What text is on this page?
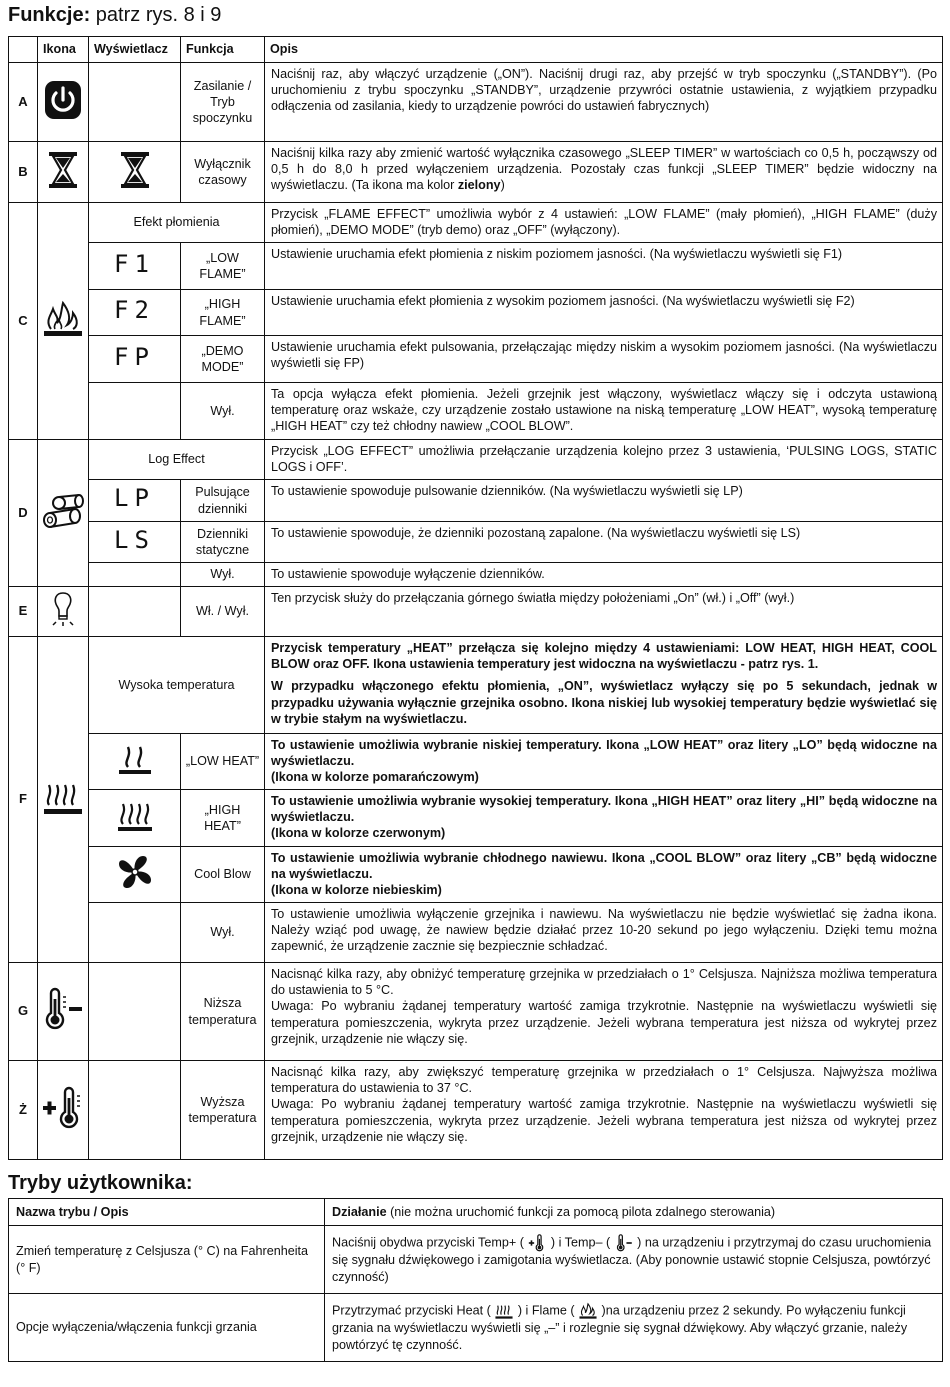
Funkcje: patrz rys. 8 i 9
	Ikona	Wyświetlacz	Funkcja	Opis
A			Zasilanie / Tryb spoczynku	Naciśnij raz, aby włączyć urządzenie („ON”). Naciśnij drugi raz, aby przejść w tryb spoczynku („STANDBY”). (Po uruchomieniu z trybu spoczynku „STANDBY”, urządzenie przywróci ostatnie ustawienia, z wyjątkiem przypadku odłączenia od zasilania, kiedy to urządzenie powróci do ustawień fabrycznych)
B			Wyłącznik czasowy	Naciśnij kilka razy aby zmienić wartość wyłącznika czasowego „SLEEP TIMER” w wartościach co 0,5 h, począwszy od 0,5 h do 8,0 h przed wyłączeniem urządzenia. Pozostały czas funkcji „SLEEP TIMER” będzie widoczny na wyświetlaczu. (Ta ikona ma kolor zielony)
C		Efekt płomienia		Przycisk „FLAME EFFECT” umożliwia wybór z 4 ustawień: „LOW FLAME” (mały płomień), „HIGH FLAME” (duży płomień), „DEMO MODE” (tryb demo) oraz „OFF” (wyłączony).
		F1	„LOW FLAME”	Ustawienie uruchamia efekt płomienia z niskim poziomem jasności. (Na wyświetlaczu wyświetli się F1)
		F2	„HIGH FLAME”	Ustawienie uruchamia efekt płomienia z wysokim poziomem jasności. (Na wyświetlaczu wyświetli się F2)
		FP	„DEMO MODE”	Ustawienie uruchamia efekt pulsowania, przełączając między niskim a wysokim poziomem jasności. (Na wyświetlaczu wyświetli się FP)
			Wył.	Ta opcja wyłącza efekt płomienia. Jeżeli grzejnik jest włączony, wyświetlacz włączy się i odczyta ustawioną temperaturę oraz wskaże, czy urządzenie zostało ustawione na niską temperaturę „LOW HEAT”, wysoką temperaturę „HIGH HEAT” czy też chłodny nawiew „COOL BLOW”.
D		Log Effect		Przycisk „LOG EFFECT” umożliwia przełączanie urządzenia kolejno przez 3 ustawienia, ‘PULSING LOGS, STATIC LOGS i OFF’.
		LP	Pulsujące dzienniki	To ustawienie spowoduje pulsowanie dzienników. (Na wyświetlaczu wyświetli się LP)
		LS	Dzienniki statyczne	To ustawienie spowoduje, że dzienniki pozostaną zapalone. (Na wyświetlaczu wyświetli się LS)
			Wył.	To ustawienie spowoduje wyłączenie dzienników.
E			Wł. / Wył.	Ten przycisk służy do przełączania górnego światła między położeniami „On” (wł.) i „Off” (wył.)
F		Wysoka temperatura		Przycisk temperatury „HEAT” przełącza się kolejno między 4 ustawieniami: LOW HEAT, HIGH HEAT, COOL BLOW oraz OFF. Ikona ustawienia temperatury jest widoczna na wyświetlaczu - patrz rys. 1.

W przypadku włączonego efektu płomienia, „ON”, wyświetlacz wyłączy się po 5 sekundach, jednak w przypadku używania wyłącznie grzejnika osobno. Ikona niskiej lub wysokiej temperatury będzie wyświetlać się w trybie stałym na wyświetlaczu.

	„LOW HEAT”	To ustawienie umożliwia wybranie niskiej temperatury. Ikona „LOW HEAT” oraz litery „LO” będą widoczne na wyświetlaczu.
(Ikona w kolorze pomarańczowym)

	„HIGH HEAT”	To ustawienie umożliwia wybranie wysokiej temperatury. Ikona „HIGH HEAT” oraz litery „HI” będą widoczne na wyświetlaczu.
(Ikona w kolorze czerwonym)

	Cool Blow	To ustawienie umożliwia wybranie chłodnego nawiewu. Ikona „COOL BLOW” oraz litery „CB” będą widoczne na wyświetlaczu.
(Ikona w kolorze niebieskim)

			Wył.	To ustawienie umożliwia wyłączenie grzejnika i nawiewu. Na wyświetlaczu nie będzie wyświetlać się żadna ikona. Należy wziąć pod uwagę, że nawiew będzie działać przez 10-20 sekund po jego wyłączeniu. Dzięki temu można zapewnić, że urządzenie zacznie się bezpiecznie schładzać.
G			Niższa temperatura	Nacisnąć kilka razy, aby obniżyć temperaturę grzejnika w przedziałach o 1° Celsjusza. Najniższa możliwa temperatura do ustawienia to 5 °C.
Uwaga: Po wybraniu żądanej temperatury wartość zamiga trzykrotnie. Następnie na wyświetlaczu wyświetli się temperatura pomieszczenia, wykryta przez urządzenie. Jeżeli wybrana temperatura jest niższa od wykrytej przez grzejnik, urządzenie nie włączy się.

Ż			Wyższa temperatura	Nacisnąć kilka razy, aby zwiększyć temperaturę grzejnika w przedziałach o 1° Celsjusza. Najwyższa możliwa temperatura do ustawienia to 37 °C.
Uwaga: Po wybraniu żądanej temperatury wartość zamiga trzykrotnie. Następnie na wyświetlaczu wyświetli się temperatura pomieszczenia, wykryta przez urządzenie. Jeżeli wybrana temperatura jest niższa od wykrytej przez grzejnik, urządzenie nie włączy się.
Tryby użytkownika:
Nazwa trybu / Opis	Działanie (nie można uruchomić funkcji za pomocą pilota zdalnego sterowania)
Zmień temperaturę z Celsjusza (° C) na Fahrenheita (° F)	Naciśnij obydwa przyciski Temp+ ( ) i Temp– ( ) na urządzeniu i przytrzymaj do czasu uruchomienia się sygnału dźwiękowego i zamigotania wyświetlacza. (Aby ponownie ustawić stopnie Celsjusza, powtórzyć czynność)
Opcje wyłączenia/włączenia funkcji grzania	Przytrzymać przyciski Heat ( ) i Flame ( )na urządzeniu przez 2 sekundy. Po wyłączeniu funkcji grzania na wyświetlaczu wyświetli się „–” i rozlegnie się sygnał dźwiękowy. Aby włączyć grzanie, należy powtórzyć tę czynność.
